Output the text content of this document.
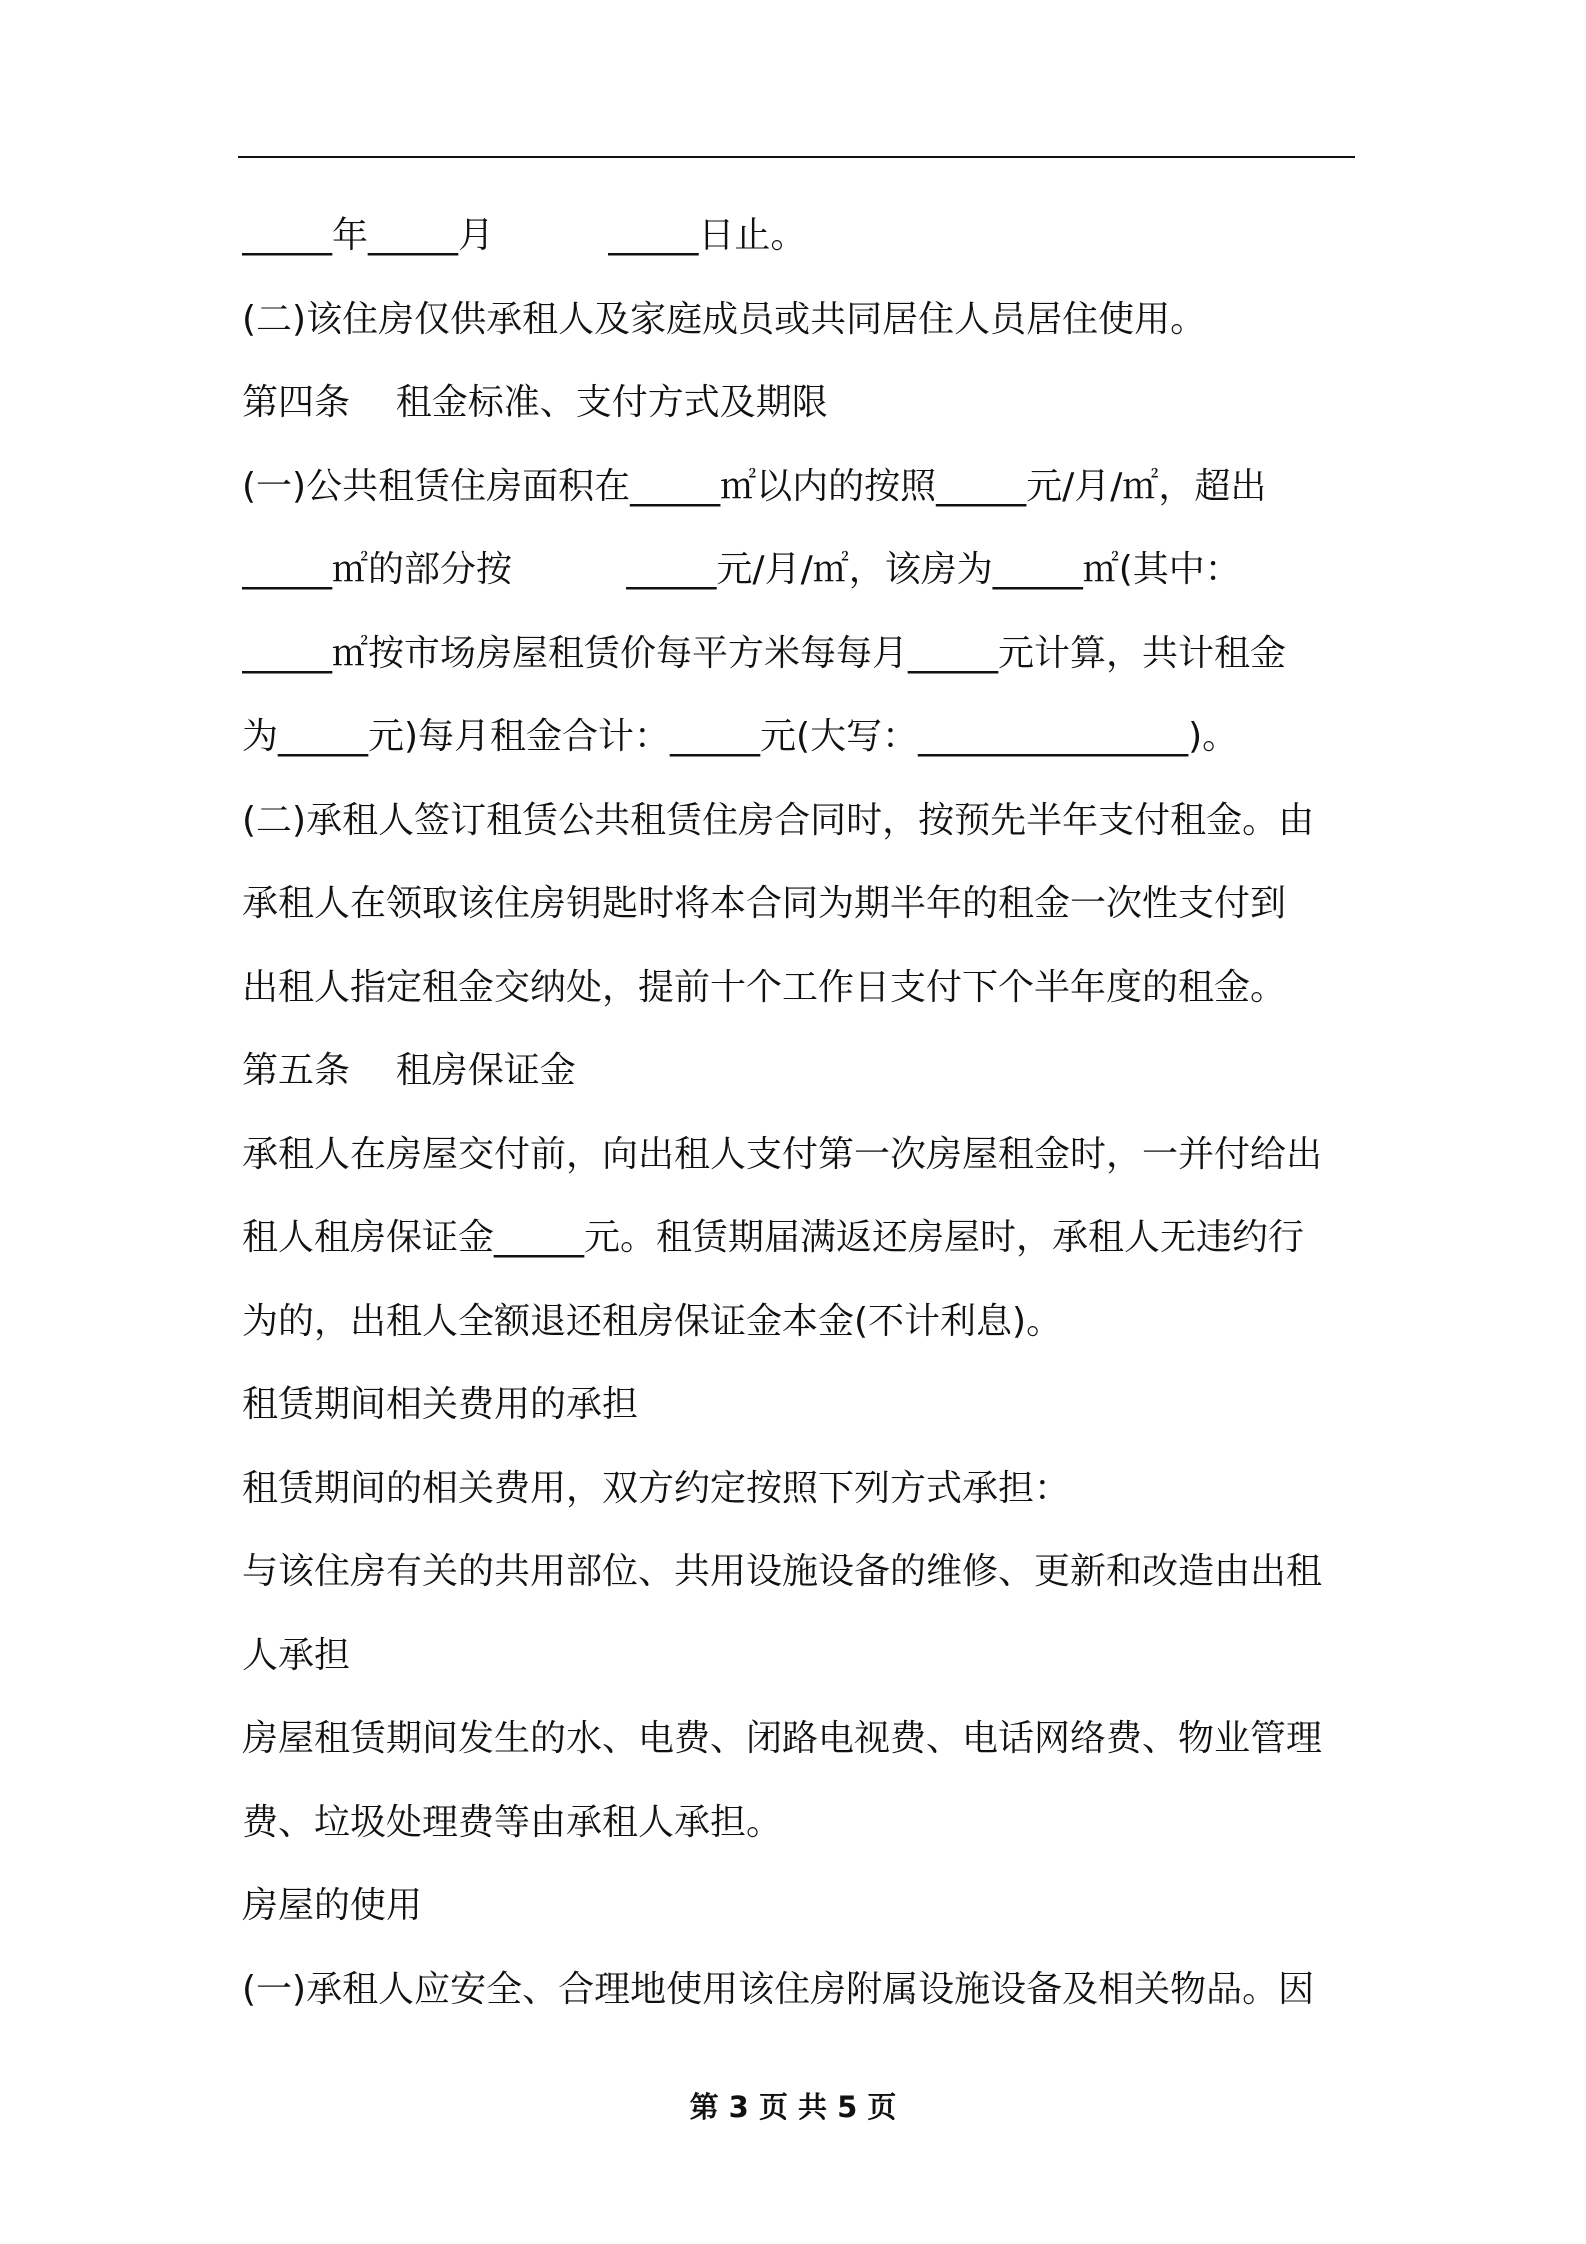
_____年_____月          _____日止。
(二)该住房仅供承租人及家庭成员或共同居住人员居住使用。
第四条    租金标准、支付方式及期限
(一)公共租赁住房面积在_____㎡以内的按照_____元/月/㎡，超出
_____㎡的部分按          _____元/月/㎡，该房为_____㎡(其中：
_____㎡按市场房屋租赁价每平方米每每月_____元计算，共计租金
为_____元)每月租金合计：_____元(大写：_______________)。
(二)承租人签订租赁公共租赁住房合同时，按预先半年支付租金。由
承租人在领取该住房钥匙时将本合同为期半年的租金一次性支付到
出租人指定租金交纳处，提前十个工作日支付下个半年度的租金。
第五条    租房保证金
承租人在房屋交付前，向出租人支付第一次房屋租金时，一并付给出
租人租房保证金_____元。租赁期届满返还房屋时，承租人无违约行
为的，出租人全额退还租房保证金本金(不计利息)。
租赁期间相关费用的承担
租赁期间的相关费用，双方约定按照下列方式承担：
与该住房有关的共用部位、共用设施设备的维修、更新和改造由出租
人承担
房屋租赁期间发生的水、电费、闭路电视费、电话网络费、物业管理
费、垃圾处理费等由承租人承担。
房屋的使用
(一)承租人应安全、合理地使用该住房附属设施设备及相关物品。因
第 3 页 共 5 页
